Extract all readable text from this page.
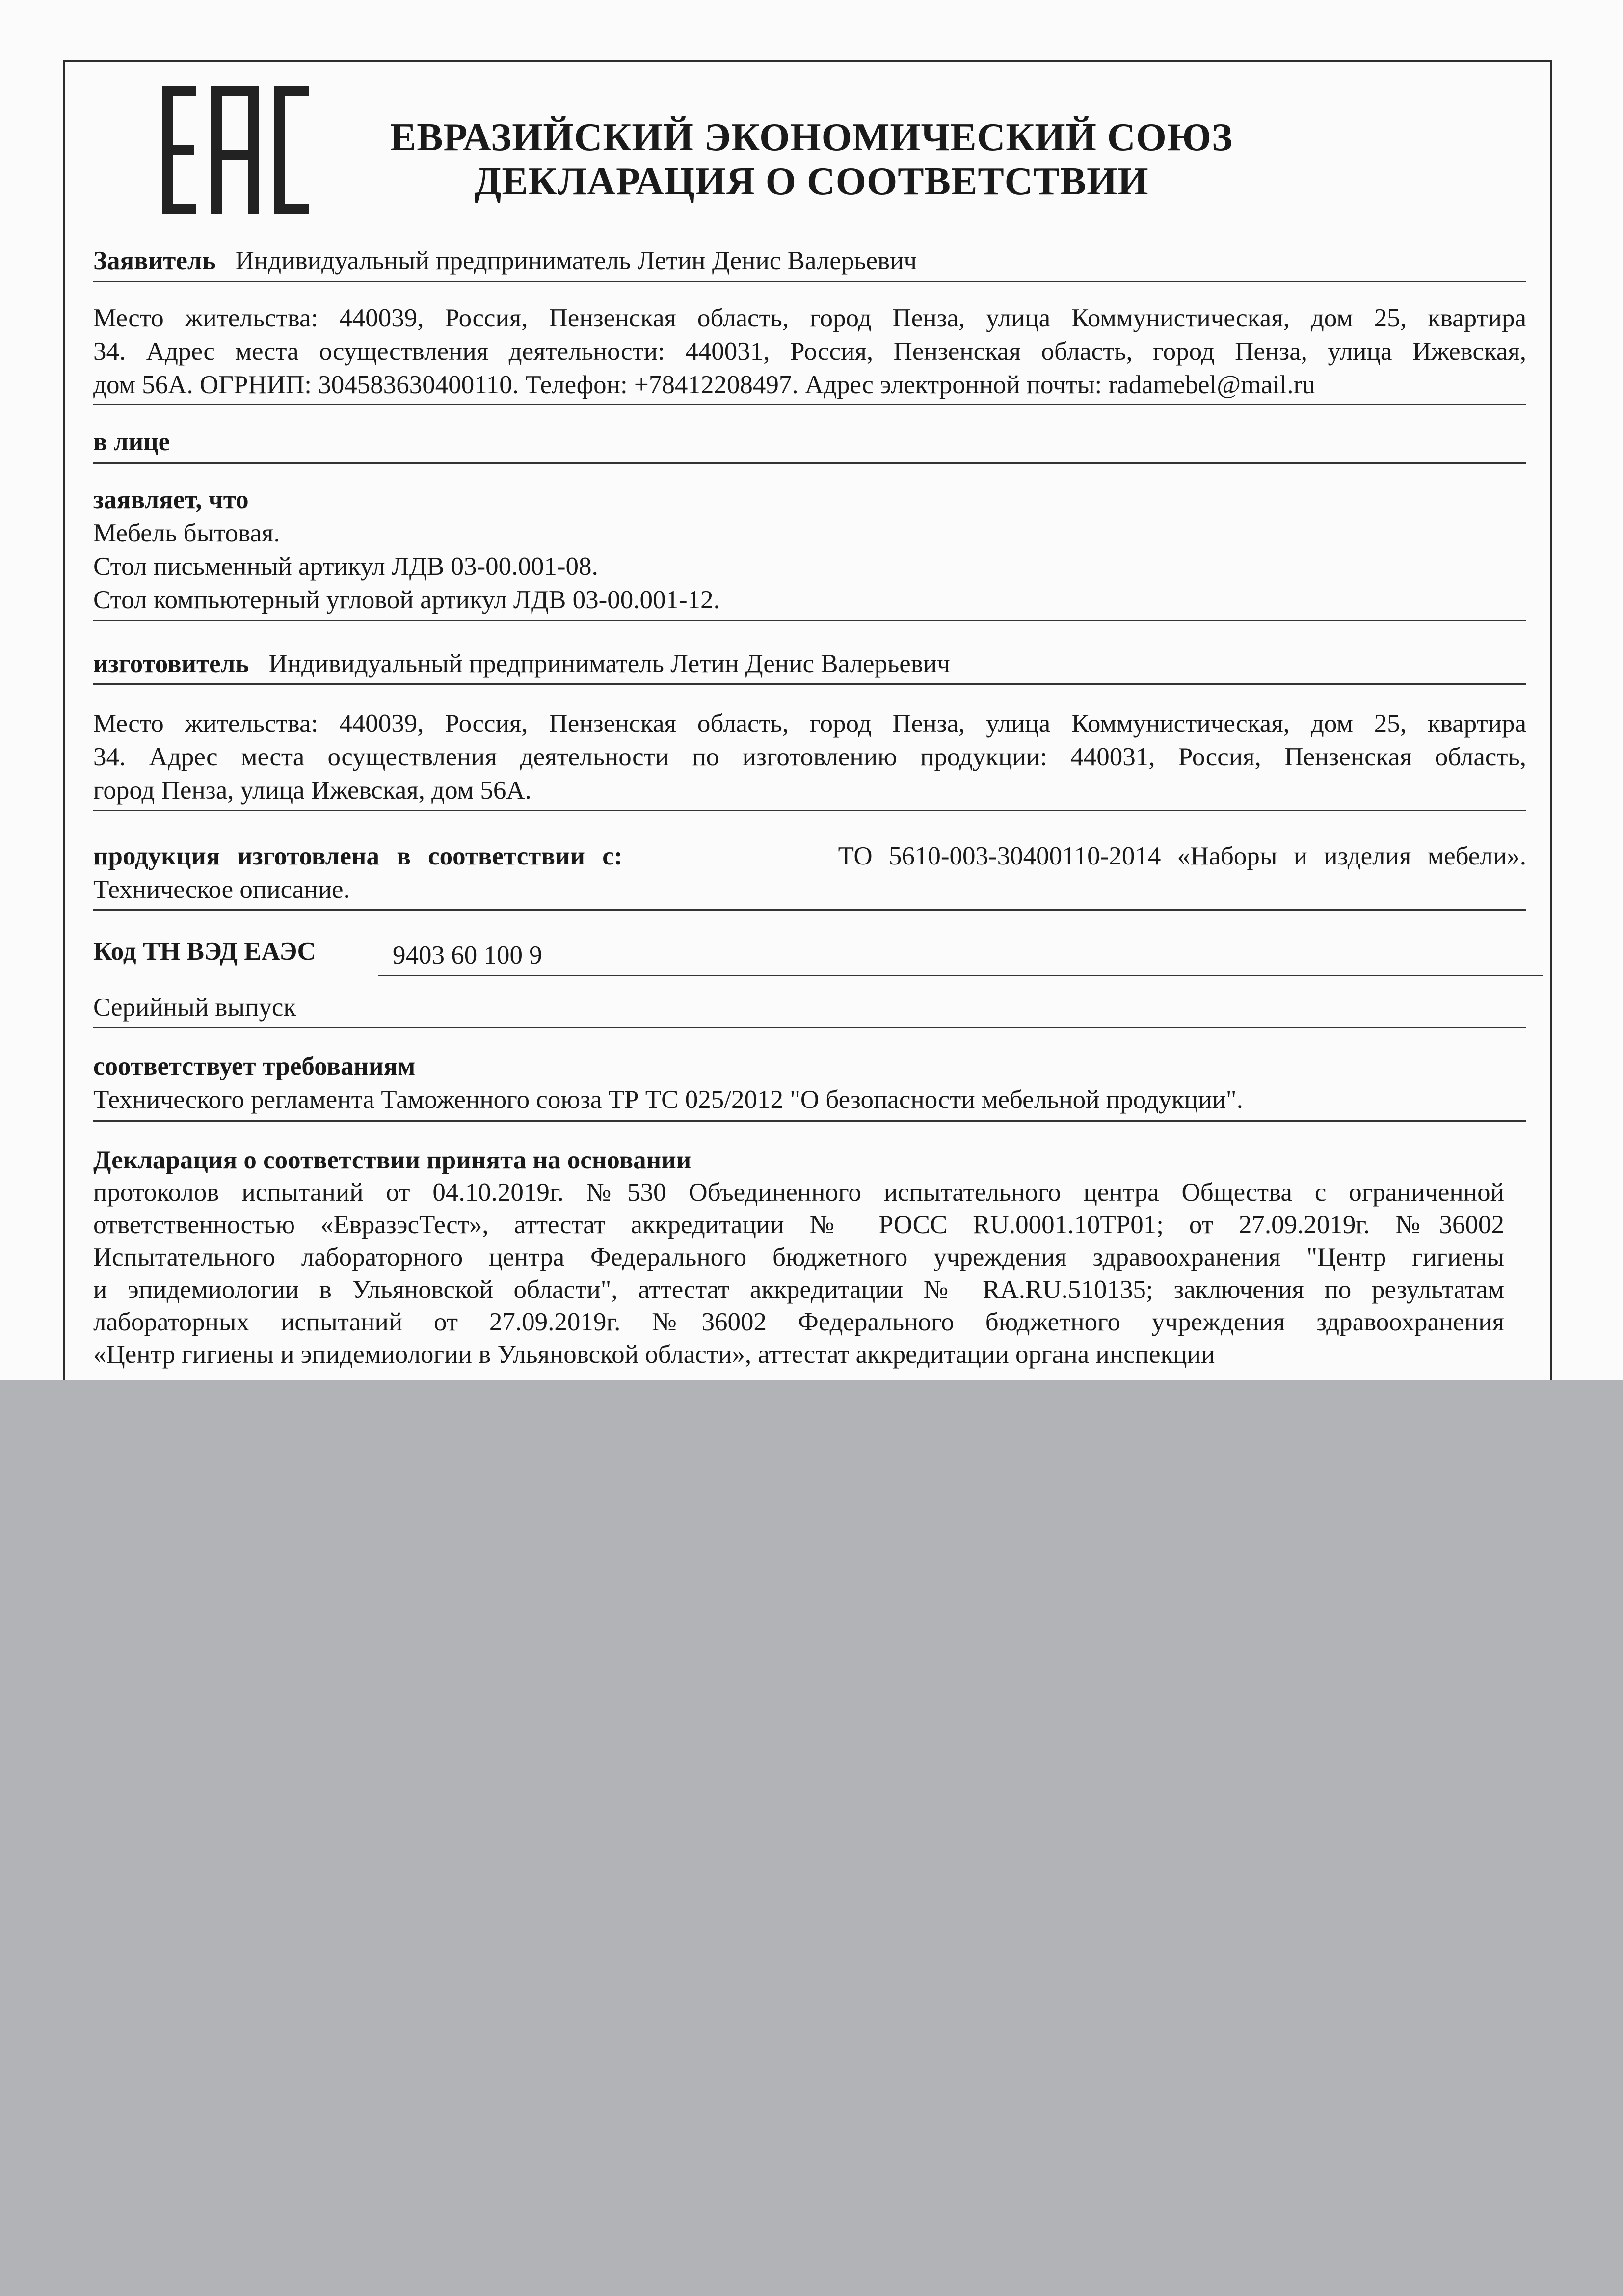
ЕВРАЗИЙСКИЙ ЭКОНОМИЧЕСКИЙ СОЮЗ
ДЕКЛАРАЦИЯ О СООТВЕТСТВИИ
Заявитель Индивидуальный предприниматель Летин Денис Валерьевич

Место жительства: 440039, Россия, Пензенская область, город Пенза, улица Коммунистическая, дом 25, квартира

34. Адрес места осуществления деятельности: 440031, Россия, Пензенская область, город Пенза, улица Ижевская,

дом 56А. ОГРНИП: 304583630400110. Телефон: +78412208497. Адрес электронной почты: radamebel@mail.ru

в лице

заявляет, что

Мебель бытовая.

Стол письменный артикул ЛДВ 03-00.001-08.

Стол компьютерный угловой артикул ЛДВ 03-00.001-12.

изготовитель Индивидуальный предприниматель Летин Денис Валерьевич

Место жительства: 440039, Россия, Пензенская область, город Пенза, улица Коммунистическая, дом 25, квартира

34. Адрес места осуществления деятельности по изготовлению продукции: 440031, Россия, Пензенская область,

город Пенза, улица Ижевская, дом 56А.

продукция изготовлена в соответствии с:	ТО 5610-003-30400110-2014 «Наборы и изделия мебели».
Техническое описание.
Код ТН ВЭД ЕАЭС	9403 60 100 9
Серийный выпуск

соответствует требованиям

Технического регламента Таможенного союза ТР ТС 025/2012 "О безопасности мебельной продукции".

Декларация о соответствии принята на основании

протоколов испытаний от 04.10.2019г. №530 Объединенного испытательного центра Общества с ограниченной

ответственностью «ЕвразэсТест», аттестат аккредитации № РОСС RU.0001.10ТР01; от 27.09.2019г. №36002

Испытательного лабораторного центра Федерального бюджетного учреждения здравоохранения "Центр гигиены

и эпидемиологии в Ульяновской области", аттестат аккредитации № RA.RU.510135; заключения по результатам

лабораторных испытаний от 27.09.2019г. №36002 Федерального бюджетного учреждения здравоохранения

«Центр гигиены и эпидемиологии в Ульяновской области», аттестат аккредитации органа инспекции
